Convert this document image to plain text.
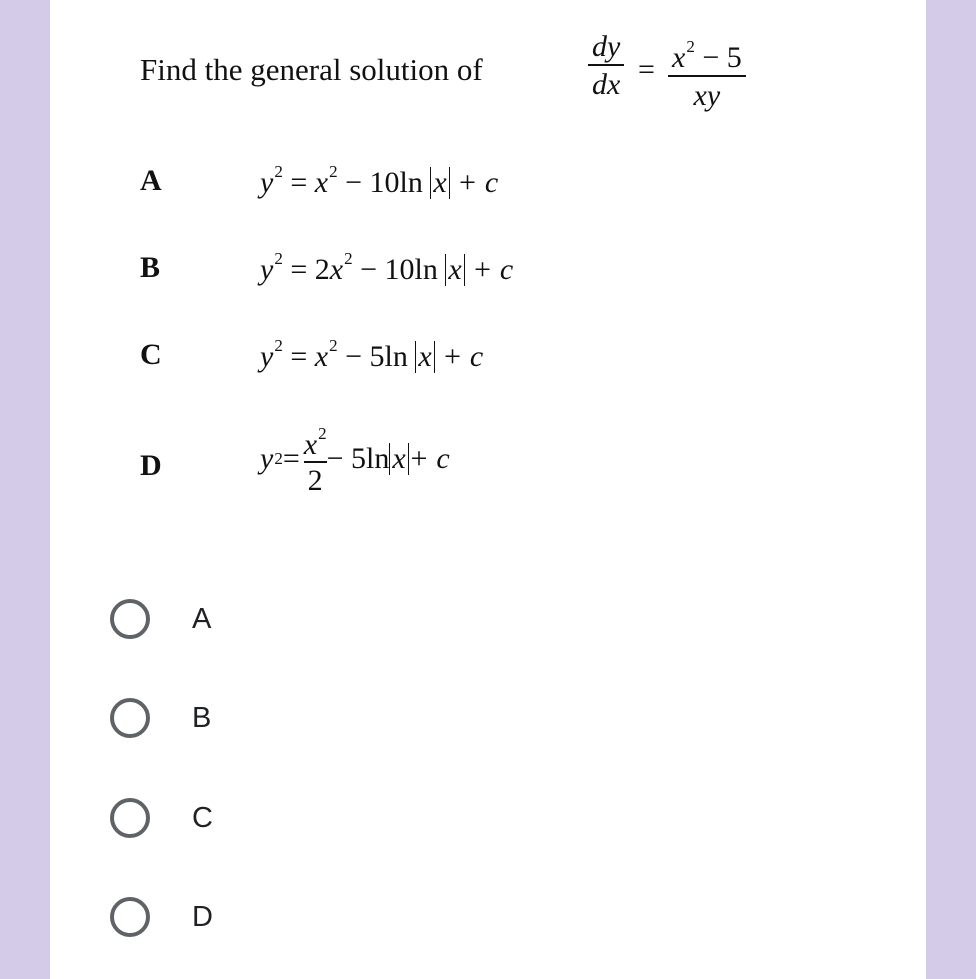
Find the general solution of
dy
dx = $x^2 - 5$
xy
A	$y^2 = x^2 - 10\ln$ x + c
B	$y^2 = 2x^2 - 10\ln$ x + c
C	$y^2 = x^2 - 5\ln$ x + c
D	y $2 = x^2$
2
− 5ln x + c
A
B
C
D
